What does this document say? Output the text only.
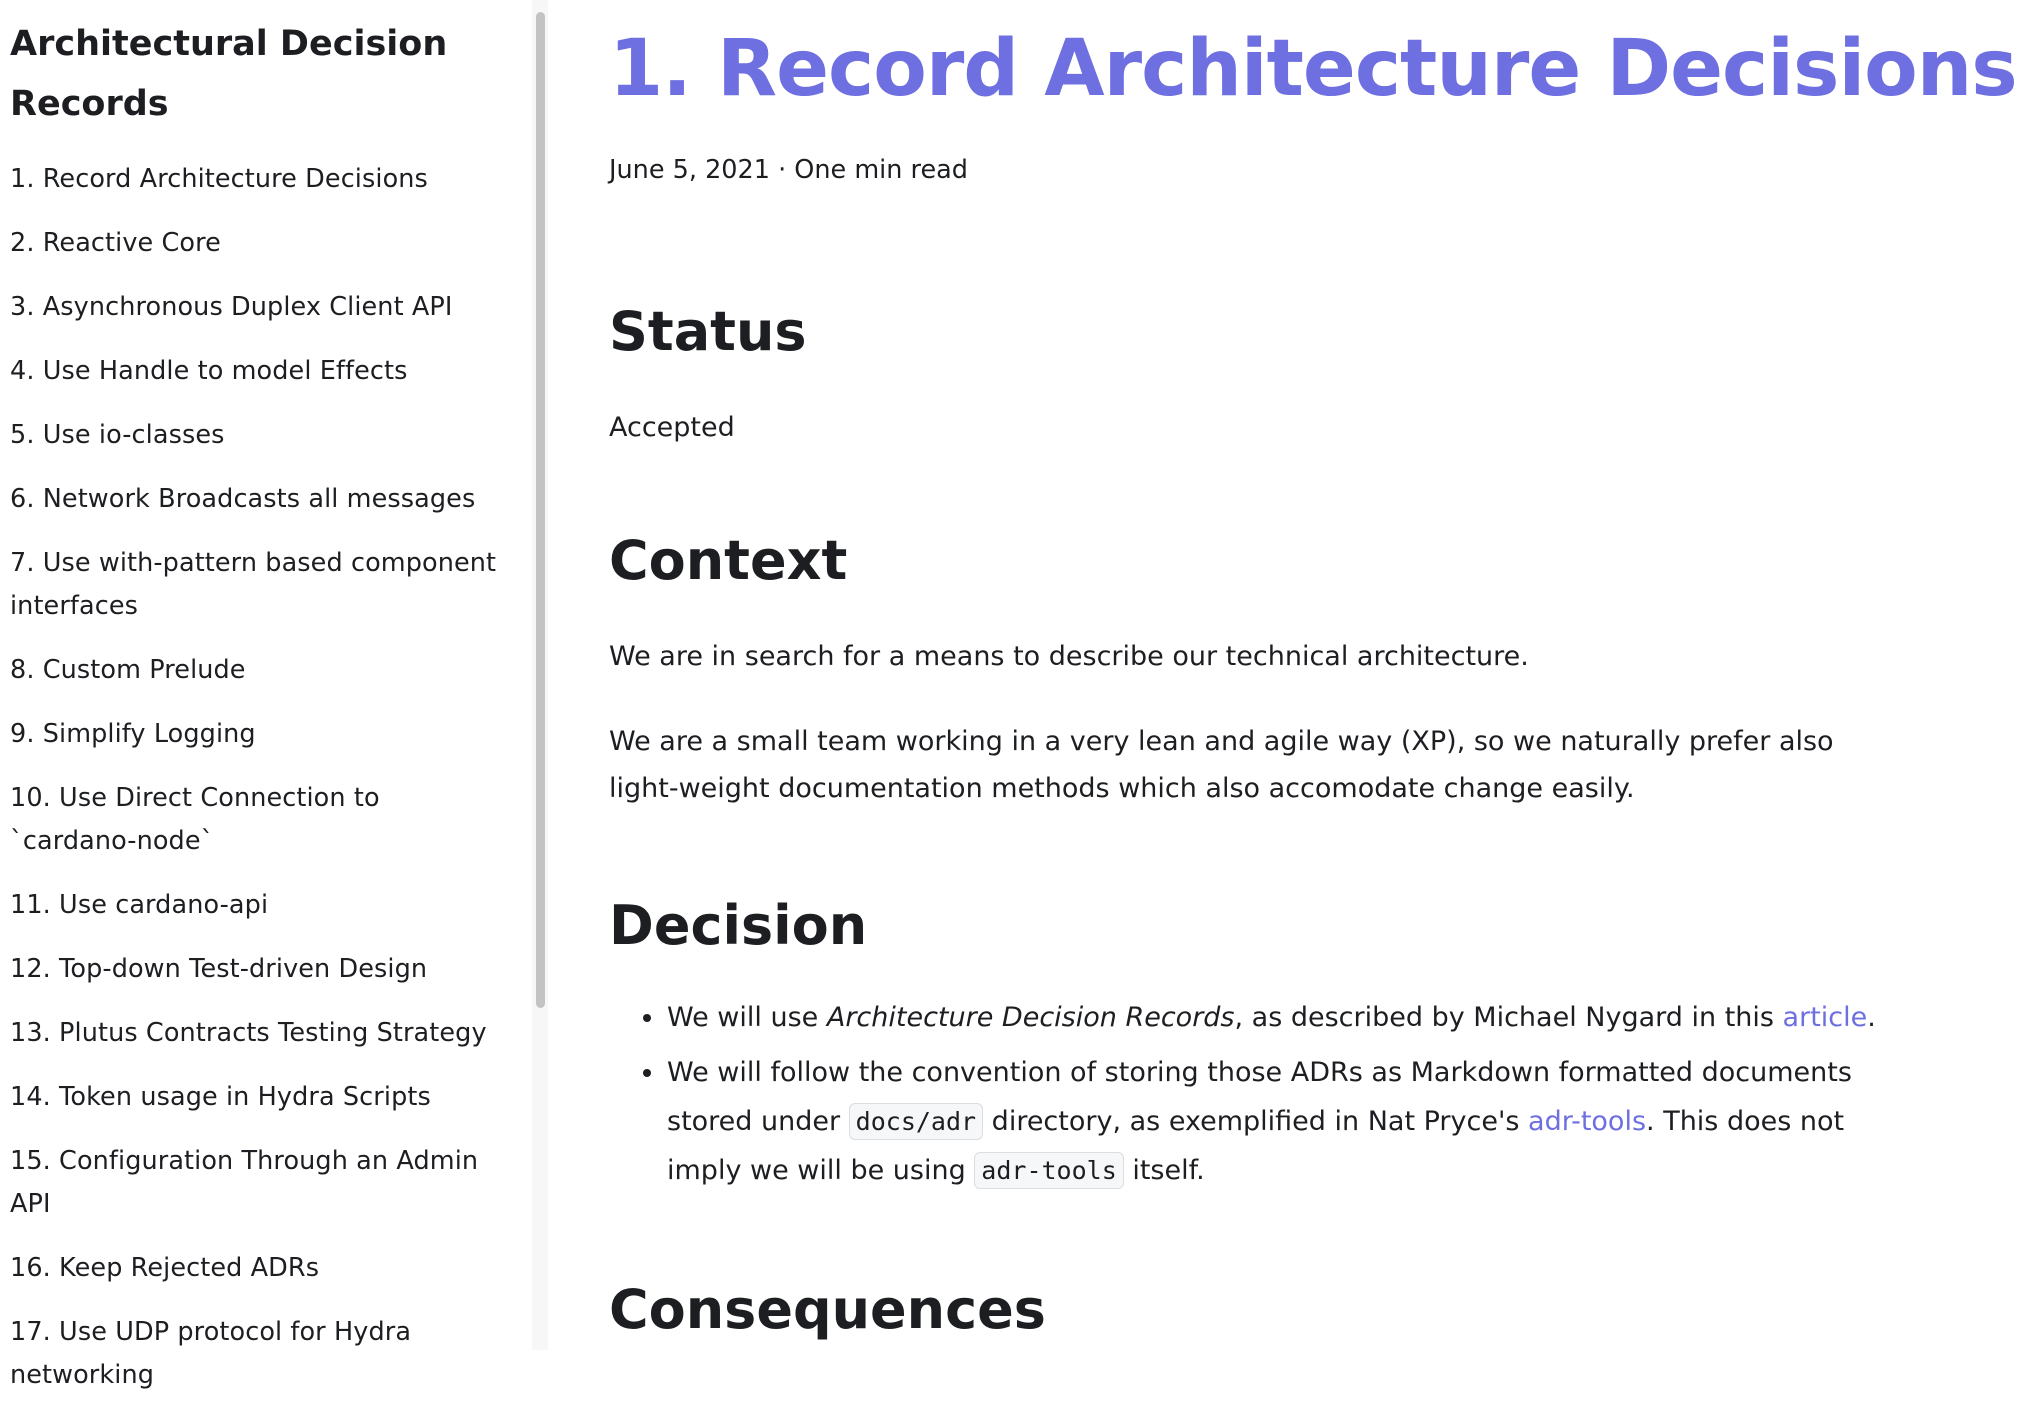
Architectural Decision Records
1. Record Architecture Decisions
2. Reactive Core
3. Asynchronous Duplex Client API
4. Use Handle to model Effects
5. Use io-classes
6. Network Broadcasts all messages
7. Use with-pattern based component interfaces
8. Custom Prelude
9. Simplify Logging
10. Use Direct Connection to `cardano-node`
11. Use cardano-api
12. Top-down Test-driven Design
13. Plutus Contracts Testing Strategy
14. Token usage in Hydra Scripts
15. Configuration Through an Admin API
16. Keep Rejected ADRs
17. Use UDP protocol for Hydra networking
1. Record Architecture Decisions
June 5, 2021 · One min read
Status

Accepted

Context

We are in search for a means to describe our technical architecture.

We are a small team working in a very lean and agile way (XP), so we naturally prefer also light-weight documentation methods which also accomodate change easily.

Decision
We will use Architecture Decision Records, as described by Michael Nygard in this article.
We will follow the convention of storing those ADRs as Markdown formatted documents stored under docs/adr directory, as exemplified in Nat Pryce's adr-tools. This does not imply we will be using adr-tools itself.
Consequences
